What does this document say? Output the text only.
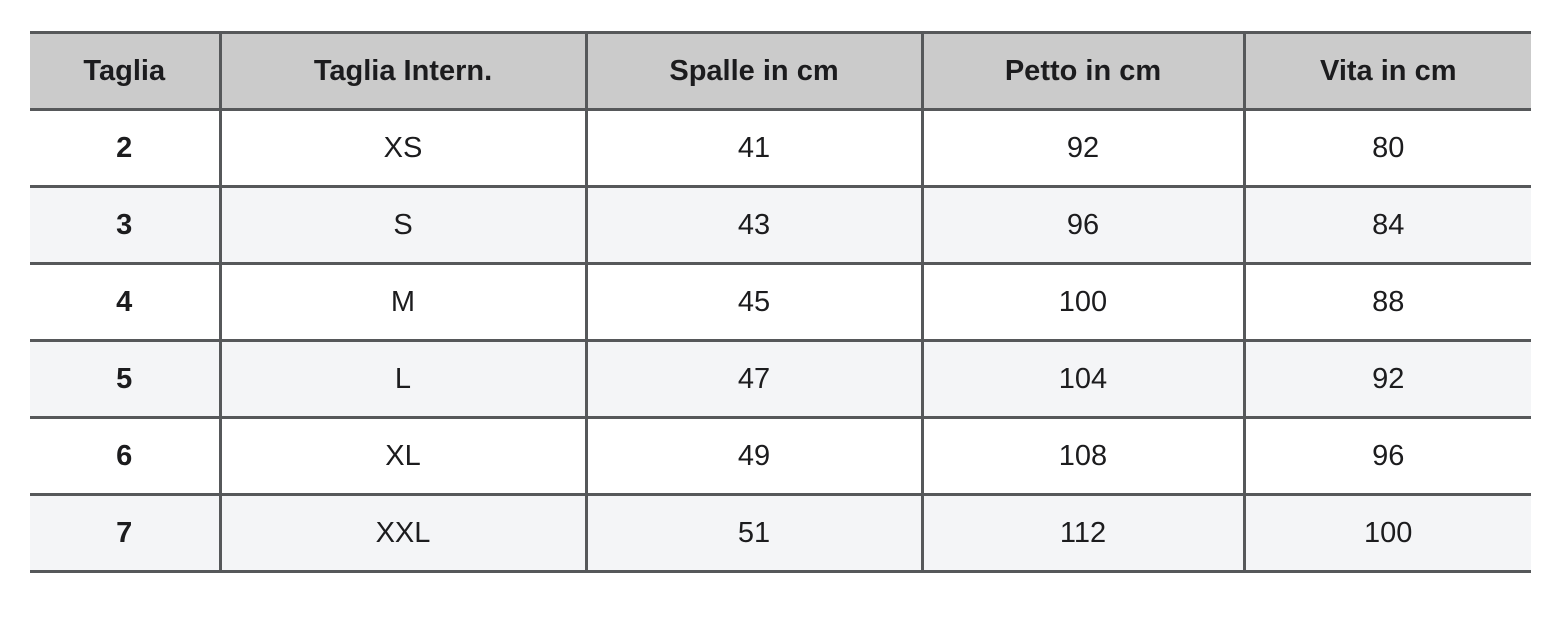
Taglia	Taglia Intern.	Spalle in cm	Petto in cm	Vita in cm
2	XS	41	92	80
3	S	43	96	84
4	M	45	100	88
5	L	47	104	92
6	XL	49	108	96
7	XXL	51	112	100
